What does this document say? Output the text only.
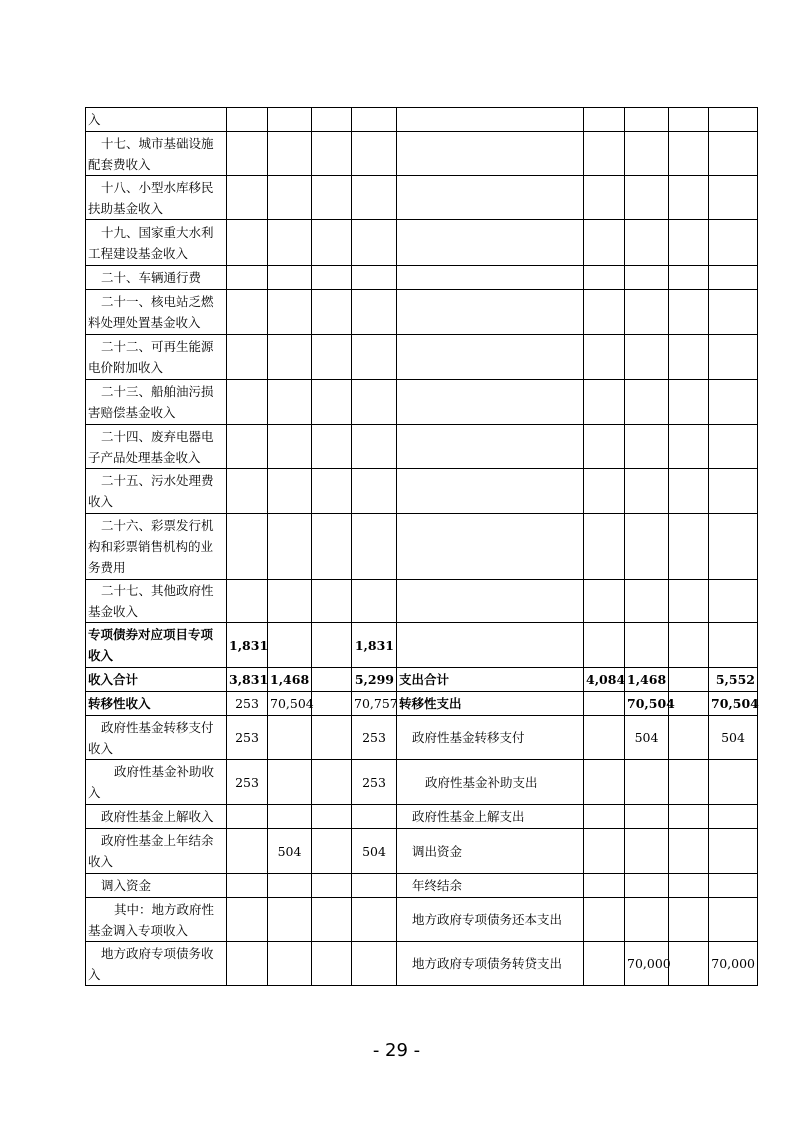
入									
十七、城市基础设施配套费收入									
十八、小型水库移民扶助基金收入									
十九、国家重大水利工程建设基金收入									
二十、车辆通行费									
二十一、核电站乏燃料处理处置基金收入									
二十二、可再生能源电价附加收入									
二十三、船舶油污损害赔偿基金收入									
二十四、废弃电器电子产品处理基金收入									
二十五、污水处理费收入									
二十六、彩票发行机构和彩票销售机构的业务费用									
二十七、其他政府性基金收入									
专项债券对应项目专项收入	1,831			1,831					
收入合计	3,831	1,468		5,299	支出合计	4,084	1,468		5,552
转移性收入	253	70,504		70,757	转移性支出		70,504		70,504
政府性基金转移支付收入	253			253	政府性基金转移支付		504		504
政府性基金补助收入	253			253	政府性基金补助支出				
政府性基金上解收入					政府性基金上解支出				
政府性基金上年结余收入		504		504	调出资金				
调入资金					年终结余				
其中：地方政府性基金调入专项收入					地方政府专项债务还本支出				
地方政府专项债务收入					地方政府专项债务转贷支出		70,000		70,000
- 29 -
